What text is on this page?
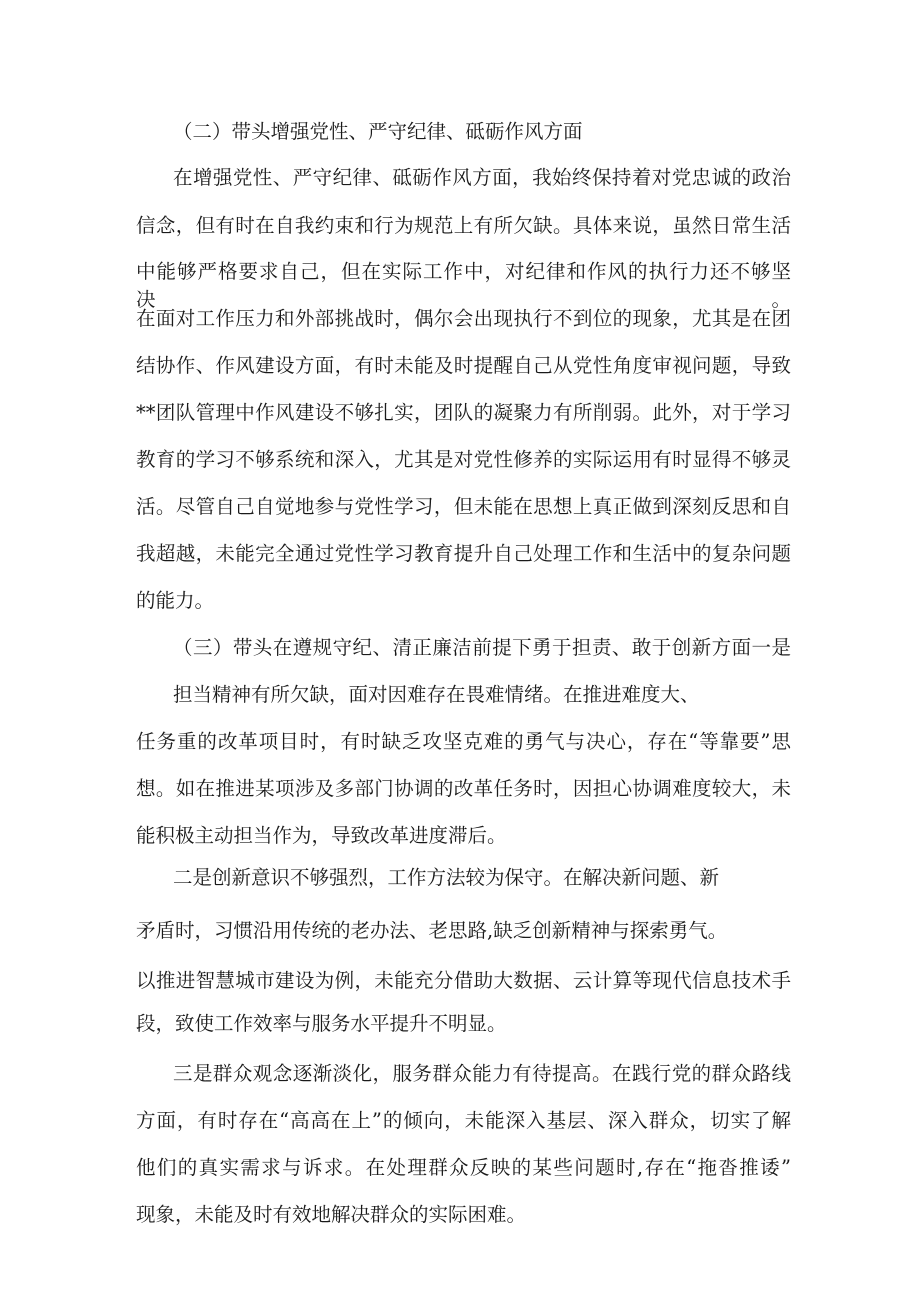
（二）带头增强党性、严守纪律、砥砺作风方面

在增强党性、严守纪律、砥砺作风方面，我始终保持着对党忠诚的政治

信念，但有时在自我约束和行为规范上有所欠缺。具体来说，虽然日常生活

中能够严格要求自己，但在实际工作中，对纪律和作风的执行力还不够坚决。

在面对工作压力和外部挑战时，偶尔会出现执行不到位的现象，尤其是在团

结协作、作风建设方面，有时未能及时提醒自己从党性角度审视问题，导致

**团队管理中作风建设不够扎实，团队的凝聚力有所削弱。此外，对于学习

教育的学习不够系统和深入，尤其是对党性修养的实际运用有时显得不够灵

活。尽管自己自觉地参与党性学习，但未能在思想上真正做到深刻反思和自

我超越，未能完全通过党性学习教育提升自己处理工作和生活中的复杂问题

的能力。

（三）带头在遵规守纪、清正廉洁前提下勇于担责、敢于创新方面一是

担当精神有所欠缺，面对因难存在畏难情绪。在推进难度大、

任务重的改革项目时，有时缺乏攻坚克难的勇气与决心，存在“等靠要”思

想。如在推进某项涉及多部门协调的改革任务时，因担心协调难度较大，未

能积极主动担当作为，导致改革进度滞后。

二是创新意识不够强烈，工作方法较为保守。在解决新问题、新

矛盾时，习惯沿用传统的老办法、老思路,缺乏创新精神与探索勇气。

以推进智慧城市建设为例，未能充分借助大数据、云计算等现代信息技术手

段，致使工作效率与服务水平提升不明显。

三是群众观念逐渐淡化，服务群众能力有待提高。在践行党的群众路线

方面，有时存在“高高在上”的倾向，未能深入基层、深入群众，切实了解

他们的真实需求与诉求。在处理群众反映的某些问题时,存在“拖沓推诿”

现象，未能及时有效地解决群众的实际困难。
